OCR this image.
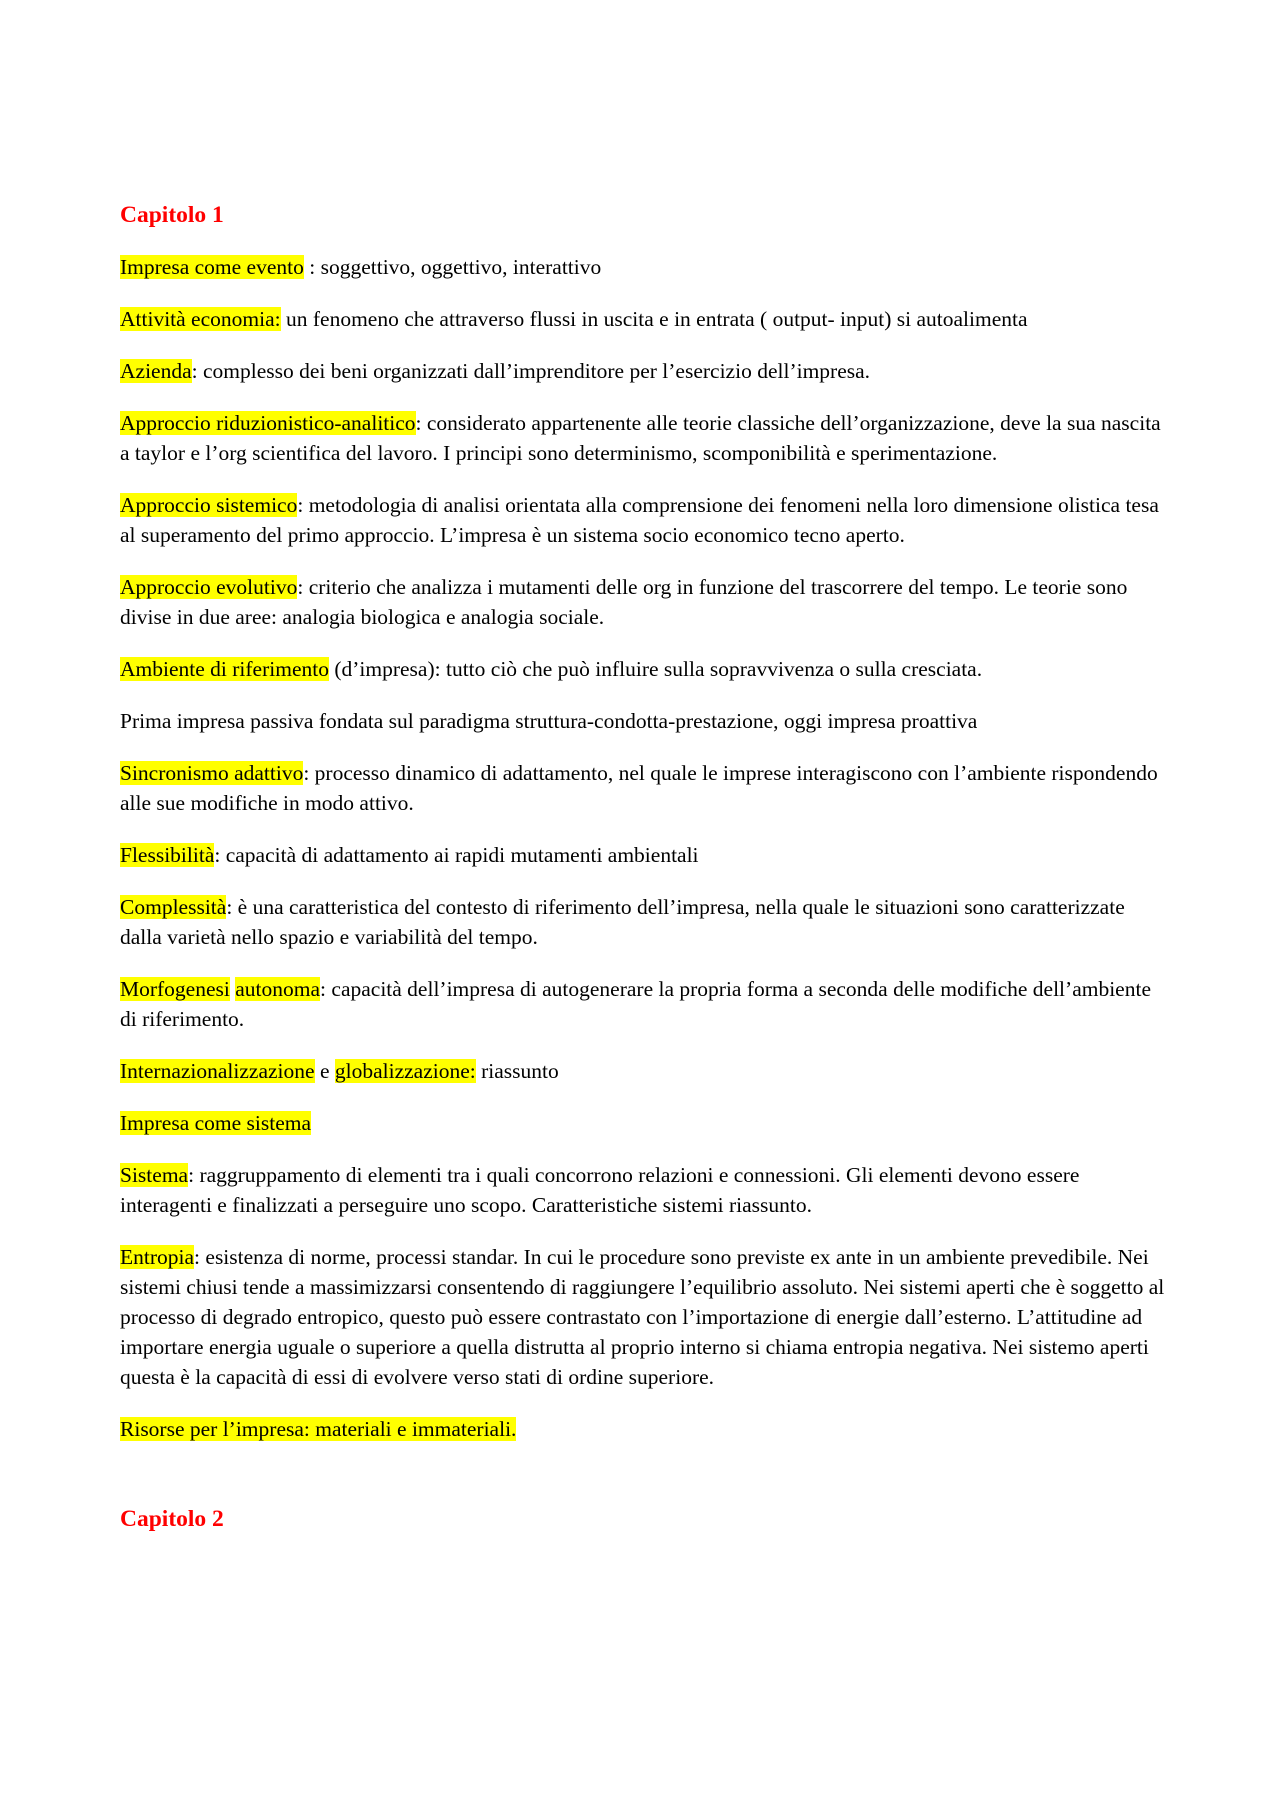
Capitolo 1

Impresa come evento : soggettivo, oggettivo, interattivo

Attività economia: un fenomeno che attraverso flussi in uscita e in entrata ( output- input) si autoalimenta

Azienda: complesso dei beni organizzati dall’imprenditore per l’esercizio dell’impresa.

Approccio riduzionistico-analitico: considerato appartenente alle teorie classiche dell’organizzazione, deve la sua nascita a taylor e l’org scientifica del lavoro. I principi sono determinismo, scomponibilità e sperimentazione.

Approccio sistemico: metodologia di analisi orientata alla comprensione dei fenomeni nella loro dimensione olistica tesa al superamento del primo approccio. L’impresa è un sistema socio economico tecno aperto.

Approccio evolutivo: criterio che analizza i mutamenti delle org in funzione del trascorrere del tempo. Le teorie sono divise in due aree: analogia biologica e analogia sociale.

Ambiente di riferimento (d’impresa): tutto ciò che può influire sulla sopravvivenza o sulla cresciata.

Prima impresa passiva fondata sul paradigma struttura-condotta-prestazione, oggi impresa proattiva

Sincronismo adattivo: processo dinamico di adattamento, nel quale le imprese interagiscono con l’ambiente rispondendo alle sue modifiche in modo attivo.

Flessibilità: capacità di adattamento ai rapidi mutamenti ambientali

Complessità: è una caratteristica del contesto di riferimento dell’impresa, nella quale le situazioni sono caratterizzate dalla varietà nello spazio e variabilità del tempo.

Morfogenesi autonoma: capacità dell’impresa di autogenerare la propria forma a seconda delle modifiche dell’ambiente di riferimento.

Internazionalizzazione e globalizzazione: riassunto

Impresa come sistema

Sistema: raggruppamento di elementi tra i quali concorrono relazioni e connessioni. Gli elementi devono essere interagenti e finalizzati a perseguire uno scopo. Caratteristiche sistemi riassunto.

Entropia: esistenza di norme, processi standar. In cui le procedure sono previste ex ante in un ambiente prevedibile. Nei sistemi chiusi tende a massimizzarsi consentendo di raggiungere l’equilibrio assoluto. Nei sistemi aperti che è soggetto al processo di degrado entropico, questo può essere contrastato con l’importazione di energie dall’esterno. L’attitudine ad importare energia uguale o superiore a quella distrutta al proprio interno si chiama entropia negativa. Nei sistemo aperti questa è la capacità di essi di evolvere verso stati di ordine superiore.

Risorse per l’impresa: materiali e immateriali.

Capitolo 2
